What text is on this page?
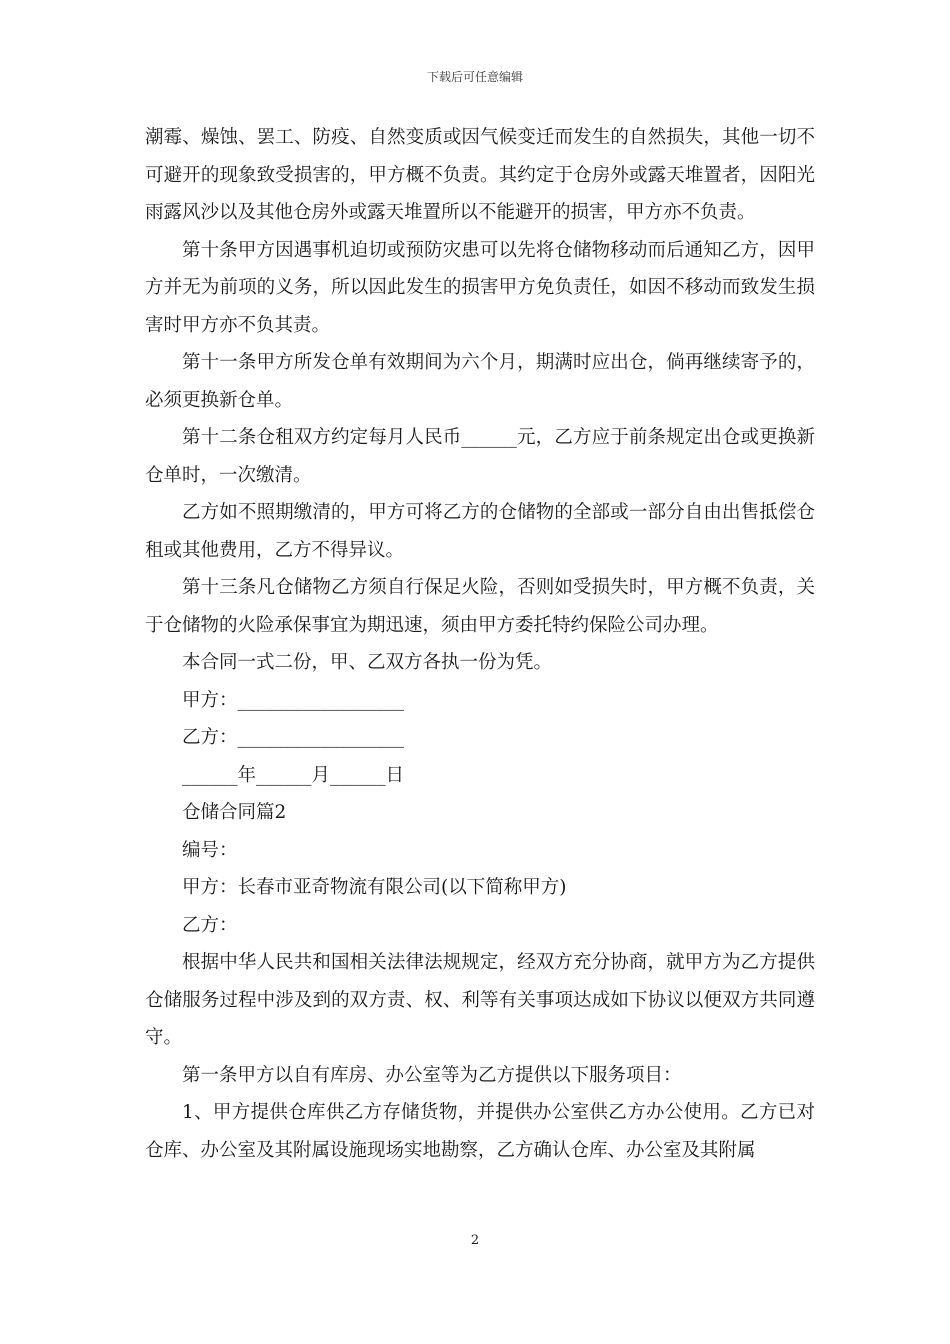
下载后可任意编辑

潮霉、燥蚀、罢工、防疫、自然变质或因气候变迁而发生的自然损失，其他一切不可避开的现象致受损害的，甲方概不负责。其约定于仓房外或露天堆置者，因阳光雨露风沙以及其他仓房外或露天堆置所以不能避开的损害，甲方亦不负责。

第十条甲方因遇事机迫切或预防灾患可以先将仓储物移动而后通知乙方，因甲方并无为前项的义务，所以因此发生的损害甲方免负责任，如因不移动而致发生损害时甲方亦不负其责。

第十一条甲方所发仓单有效期间为六个月，期满时应出仓，倘再继续寄予的，必须更换新仓单。

第十二条仓租双方约定每月人民币______元，乙方应于前条规定出仓或更换新仓单时，一次缴清。

乙方如不照期缴清的，甲方可将乙方的仓储物的全部或一部分自由出售抵偿仓租或其他费用，乙方不得异议。

第十三条凡仓储物乙方须自行保足火险，否则如受损失时，甲方概不负责，关于仓储物的火险承保事宜为期迅速，须由甲方委托特约保险公司办理。

本合同一式二份，甲、乙双方各执一份为凭。

甲方：__________________

乙方：__________________

______年______月______日

仓储合同篇2

编号：

甲方：长春市亚奇物流有限公司(以下简称甲方)

乙方：

根据中华人民共和国相关法律法规规定，经双方充分协商，就甲方为乙方提供仓储服务过程中涉及到的双方责、权、利等有关事项达成如下协议以便双方共同遵守。

第一条甲方以自有库房、办公室等为乙方提供以下服务项目：

1、甲方提供仓库供乙方存储货物，并提供办公室供乙方办公使用。乙方已对仓库、办公室及其附属设施现场实地勘察，乙方确认仓库、办公室及其附属

2
